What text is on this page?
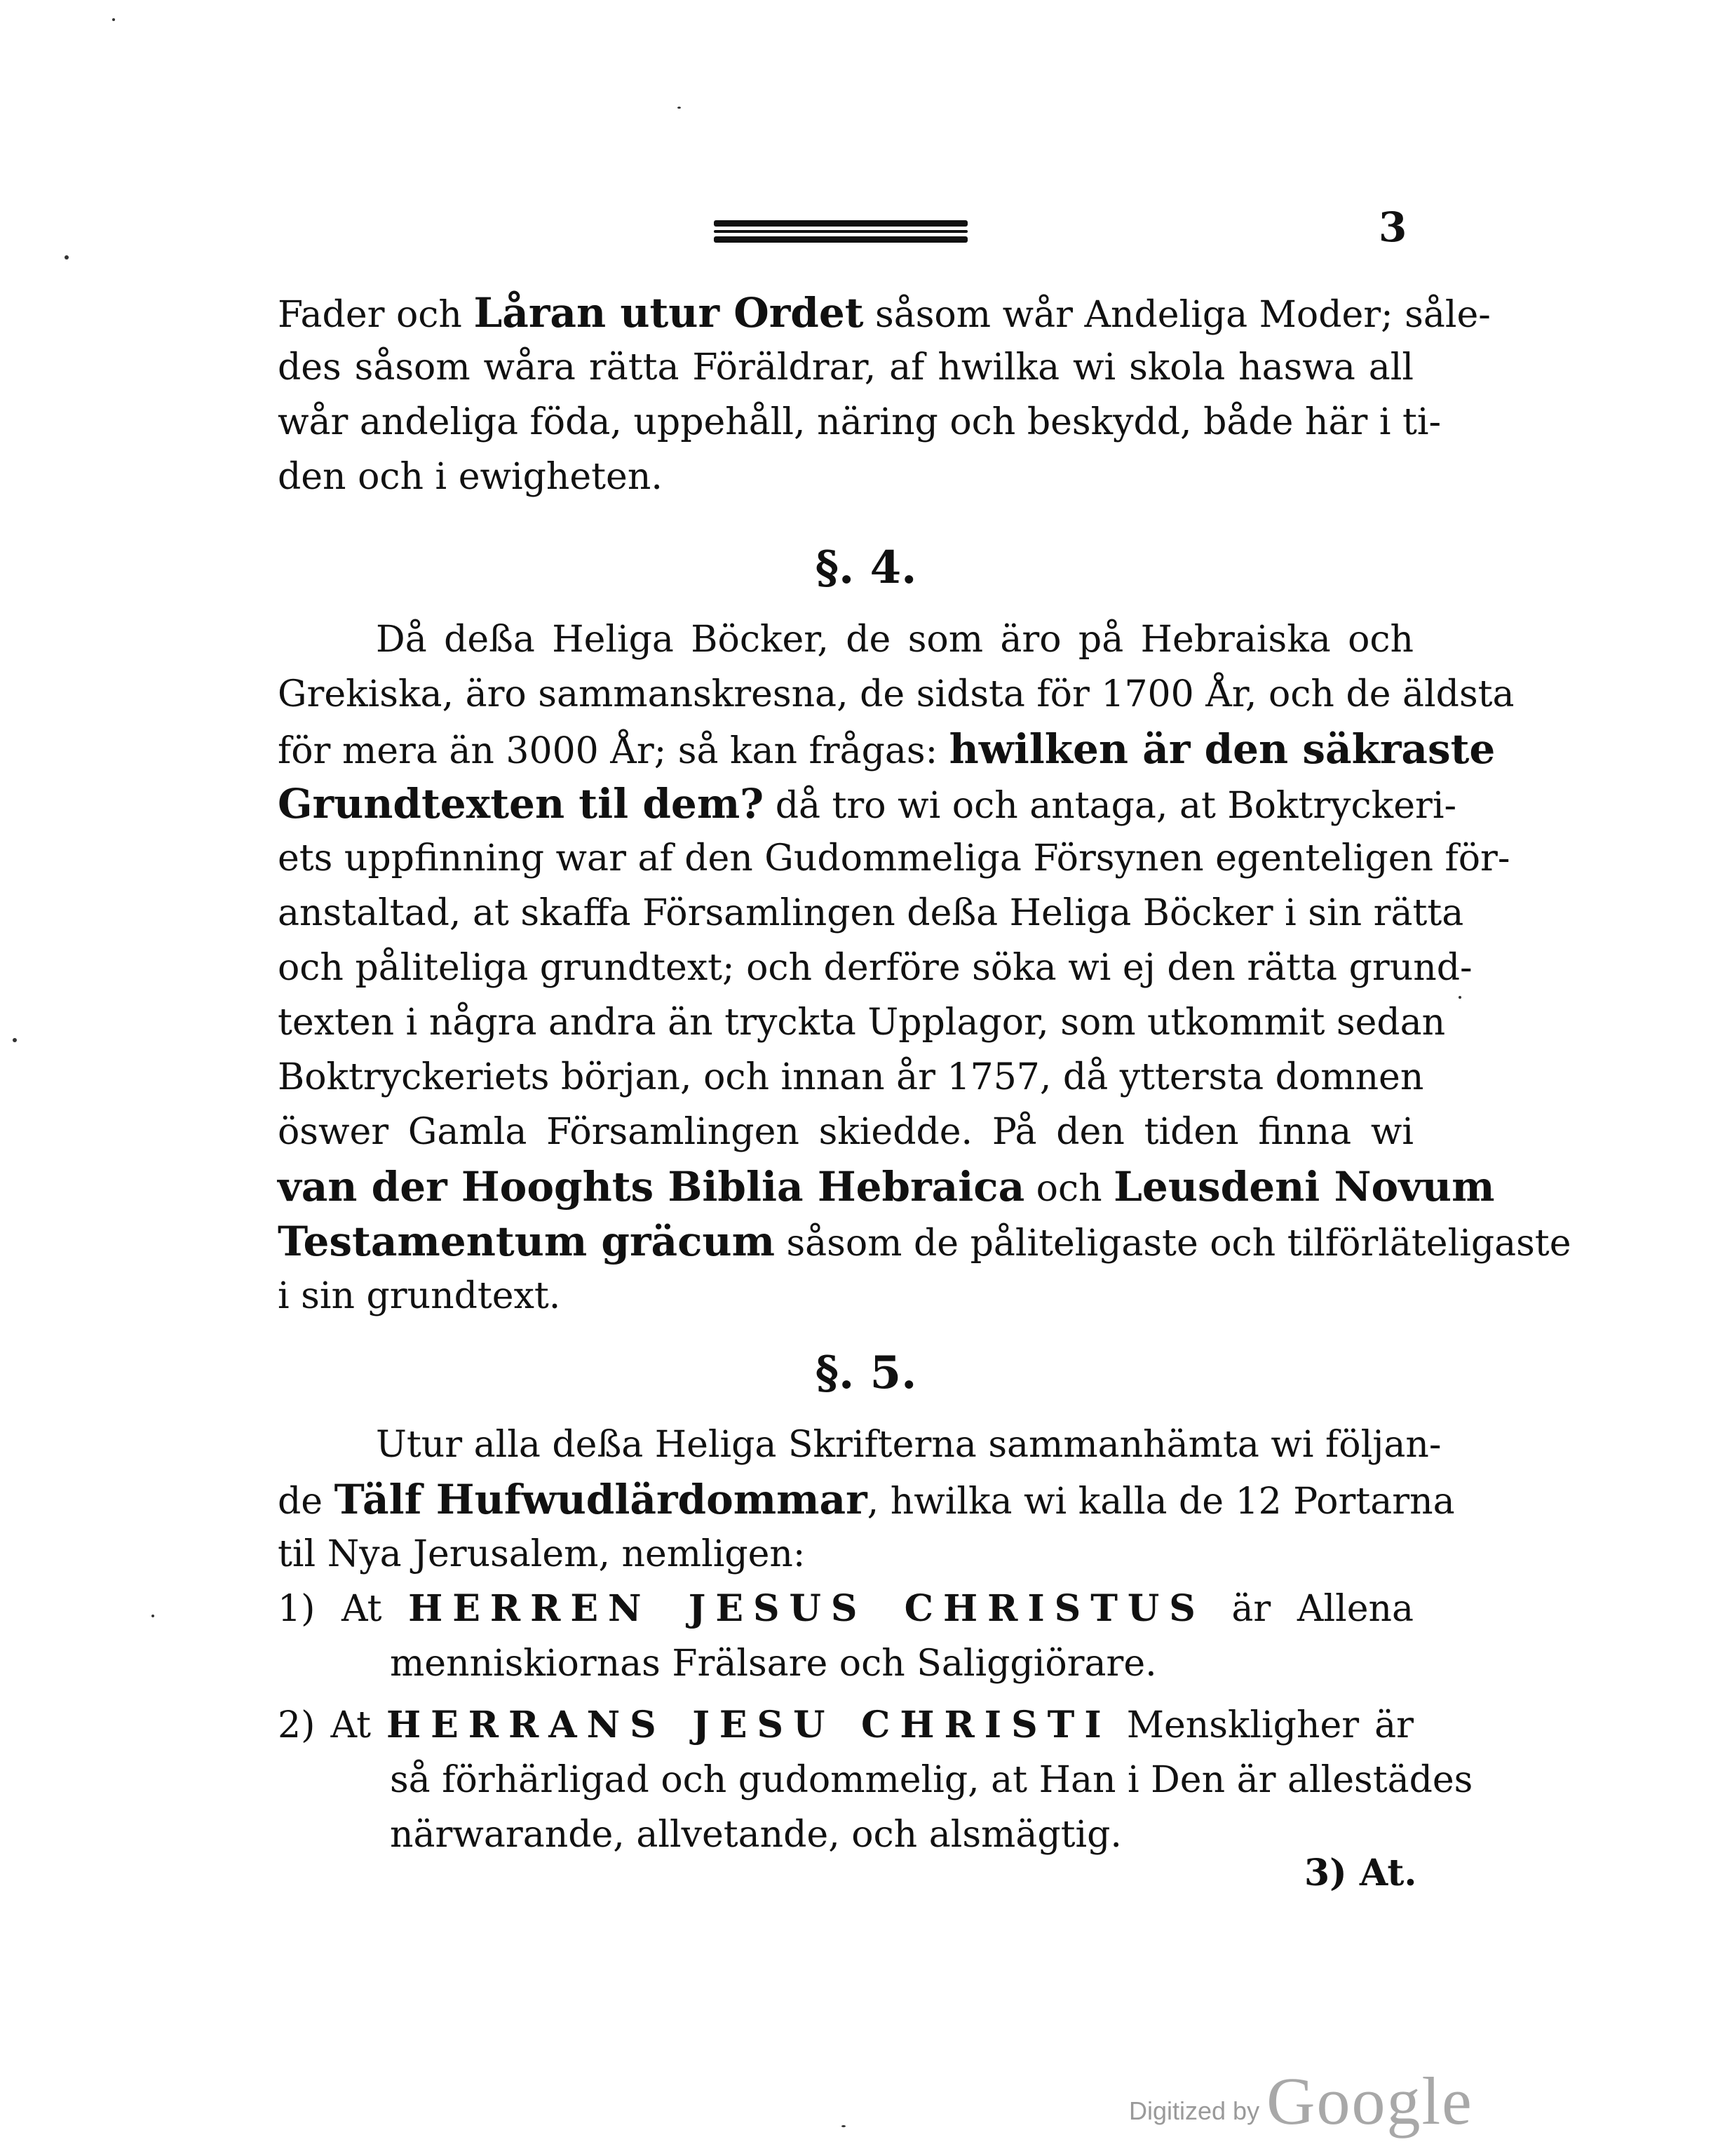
3
Fader och Låran utur Ordet såsom wår Andeliga Moder; såle-
des såsom wåra rätta Föräldrar, af hwilka wi skola haswa all
wår andeliga föda, uppehåll, näring och beskydd, både här i ti-
den och i ewigheten.
§. 4.
Då deßa Heliga Böcker, de som äro på Hebraiska och
Grekiska, äro sammanskresna, de sidsta för 1700 År, och de äldsta
för mera än 3000 År; så kan frågas: hwilken är den säkraste
Grundtexten til dem? då tro wi och antaga, at Boktryckeri-
ets uppfinning war af den Gudommeliga Försynen egenteligen för-
anstaltad, at skaffa Församlingen deßa Heliga Böcker i sin rätta
och påliteliga grundtext; och derföre söka wi ej den rätta grund-
texten i några andra än tryckta Upplagor, som utkommit sedan
Boktryckeriets början, och innan år 1757, då yttersta domnen
öswer Gamla Församlingen skiedde. På den tiden finna wi
van der Hooghts Biblia Hebraica och Leusdeni Novum
Testamentum gräcum såsom de påliteligaste och tilförläteligaste
i sin grundtext.
§. 5.
Utur alla deßa Heliga Skrifterna sammanhämta wi följan-
de Tälf Hufwudlärdommar, hwilka wi kalla de 12 Portarna
til Nya Jerusalem, nemligen:
1) At HERREN JESUS CHRISTUS är Allena
menniskiornas Frälsare och Saliggiörare.
2) At HERRANS JESU CHRISTI Menskligher är
så förhärligad och gudommelig, at Han i Den är allestädes
närwarande, allvetande, och alsmägtig.
3) At.
Digitized by Google
